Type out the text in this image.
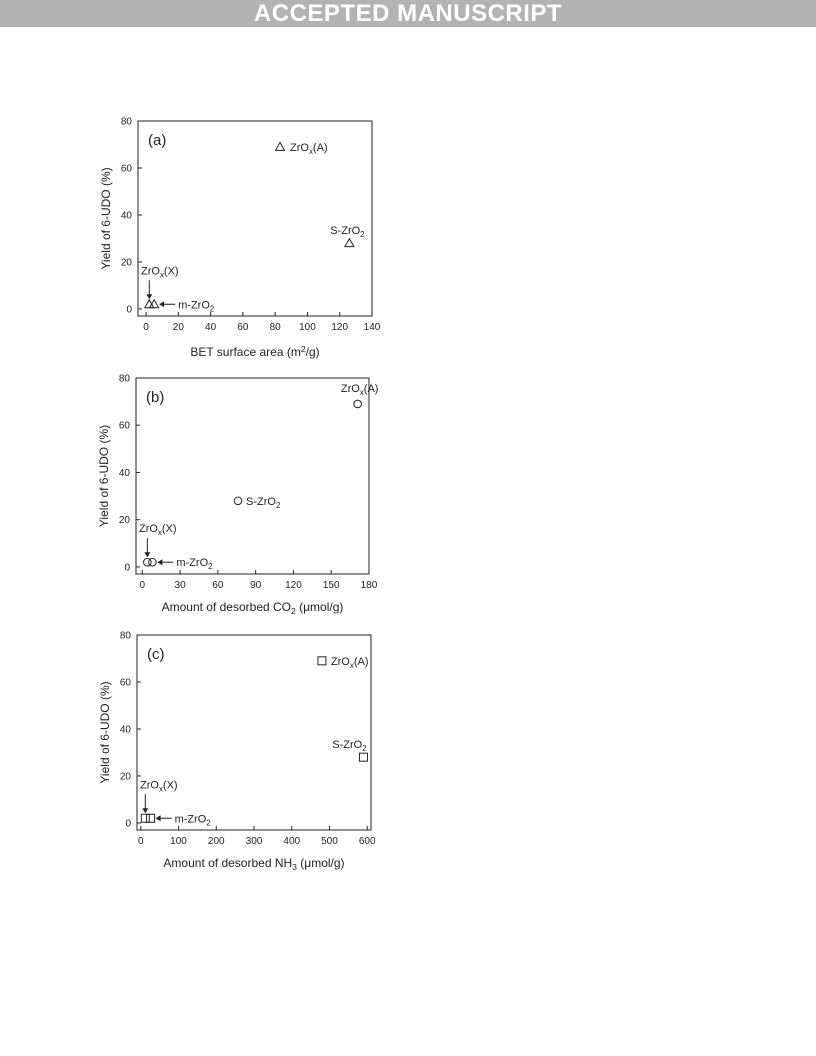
ACCEPTED MANUSCRIPT
0 20 40 60 80 100 120 140
0
20
40
60
80
(a)
BET surface area $(m^2/g)$
Yield of 6-UDO (%)
ZrO$_x$(A)
S-ZrO$_2$
ZrO$_x$(X)
m-ZrO$_2$
0	30	60	90 120 150 180
0
20
40
60
80
(b)
Amount of desorbed $CO_2$ (μmol/g)
Yield of 6-UDO (%)
ZrO$_x$(A)
S-ZrO$_2$
ZrO$_x$(X)
m-ZrO$_2$
0	100 200 300 400 500 600
0
20
40
60
80
(c)
Amount of desorbed $NH_3$ (μmol/g)
Yield of 6-UDO (%)
ZrO$_x$(A)
S-ZrO$_2$
ZrO$_x$(X)
m-ZrO$_2$
